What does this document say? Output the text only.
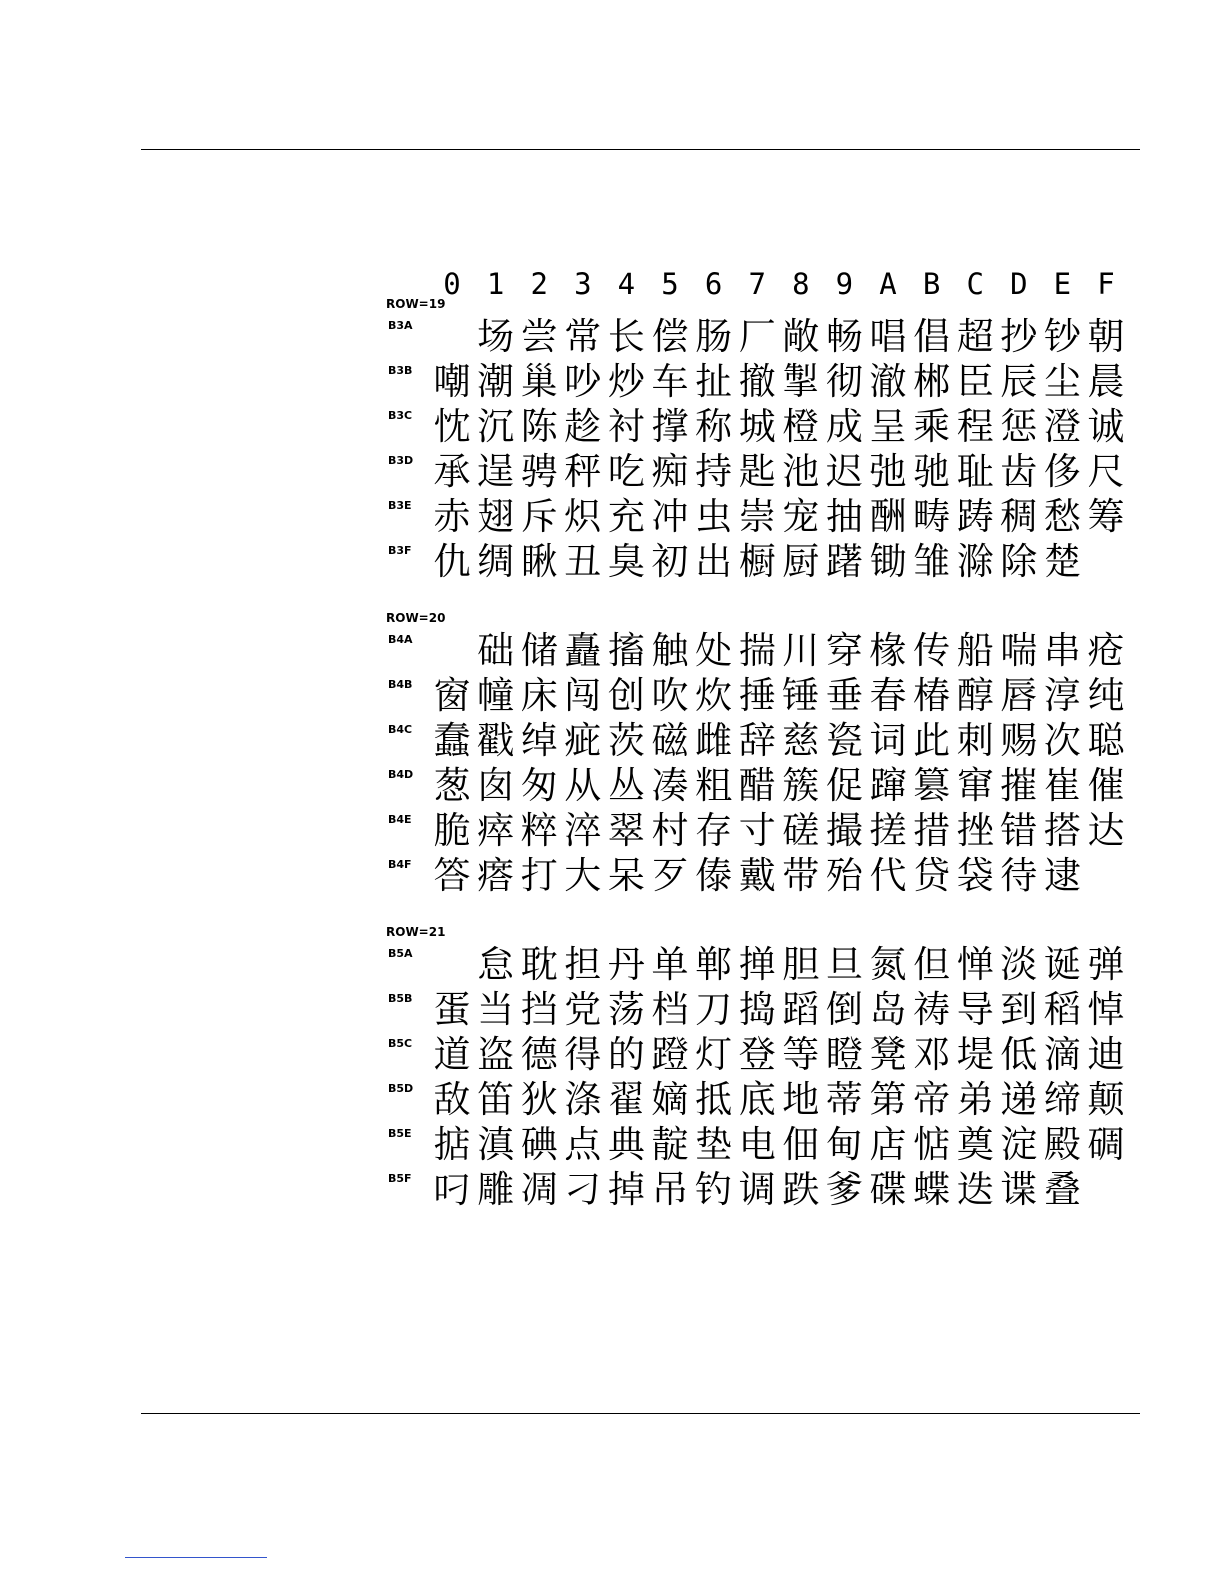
0 1 2 3 4 5 6 7 8 9 A B C D E F
ROW=19
B3A 场 尝 常 长 偿 肠 厂 敞 畅 唱 倡 超 抄 钞 朝
B3B 嘲 潮 巢 吵 炒 车 扯 撤 掣 彻 澈 郴 臣 辰 尘 晨
B3C 忱 沉 陈 趁 衬 撑 称 城 橙 成 呈 乘 程 惩 澄 诚
B3D 承 逞 骋 秤 吃 痴 持 匙 池 迟 弛 驰 耻 齿 侈 尺
B3E 赤 翅 斥 炽 充 冲 虫 崇 宠 抽 酬 畴 踌 稠 愁 筹
B3F 仇 绸 瞅 丑 臭 初 出 橱 厨 躇 锄 雏 滁 除 楚
ROW=20
B4A 础 储 矗 搐 触 处 揣 川 穿 椽 传 船 喘 串 疮
B4B 窗 幢 床 闯 创 吹 炊 捶 锤 垂 春 椿 醇 唇 淳 纯
B4C 蠢 戳 绰 疵 茨 磁 雌 辞 慈 瓷 词 此 刺 赐 次 聪
B4D 葱 囱 匆 从 丛 凑 粗 醋 簇 促 蹿 篡 窜 摧 崔 催
B4E 脆 瘁 粹 淬 翠 村 存 寸 磋 撮 搓 措 挫 错 搭 达
B4F 答 瘩 打 大 呆 歹 傣 戴 带 殆 代 贷 袋 待 逮
ROW=21
B5A 怠 耽 担 丹 单 郸 掸 胆 旦 氮 但 惮 淡 诞 弹
B5B 蛋 当 挡 党 荡 档 刀 捣 蹈 倒 岛 祷 导 到 稻 悼
B5C 道 盗 德 得 的 蹬 灯 登 等 瞪 凳 邓 堤 低 滴 迪
B5D 敌 笛 狄 涤 翟 嫡 抵 底 地 蒂 第 帝 弟 递 缔 颠
B5E 掂 滇 碘 点 典 靛 垫 电 佃 甸 店 惦 奠 淀 殿 碉
B5F 叼 雕 凋 刁 掉 吊 钓 调 跌 爹 碟 蝶 迭 谍 叠
